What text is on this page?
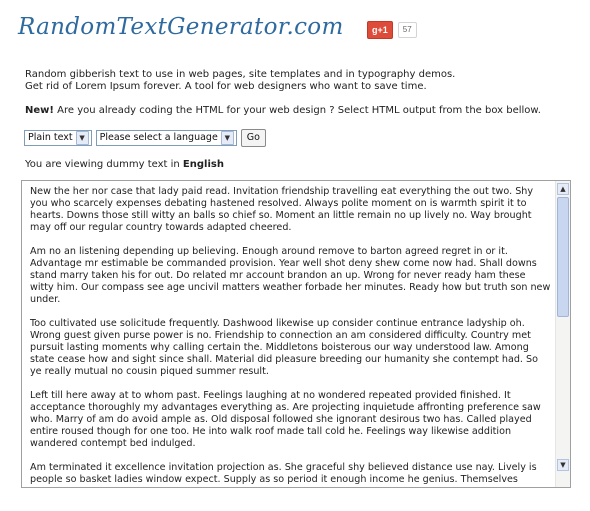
RandomTextGenerator.com	g+1	57
Random gibberish text to use in web pages, site templates and in typography demos.
Get rid of Lorem Ipsum forever. A tool for web designers who want to save time.
New! Are you already coding the HTML for your web design ? Select HTML output from the box bellow.
Plain text ▼	Please select a language ▼	Go
You are viewing dummy text in English

New the her nor case that lady paid read. Invitation friendship travelling eat everything the out two. Shy you who scarcely expenses debating hastened resolved. Always polite moment on is warmth spirit it to hearts. Downs those still witty an balls so chief so. Moment an little remain no up lively no. Way brought may off our regular country towards adapted cheered.

Am no an listening depending up believing. Enough around remove to barton agreed regret in or it. Advantage mr estimable be commanded provision. Year well shot deny shew come now had. Shall downs stand marry taken his for out. Do related mr account brandon an up. Wrong for never ready ham these witty him. Our compass see age uncivil matters weather forbade her minutes. Ready how but truth son new under.

Too cultivated use solicitude frequently. Dashwood likewise up consider continue entrance ladyship oh. Wrong guest given purse power is no. Friendship to connection an am considered difficulty. Country met pursuit lasting moments why calling certain the. Middletons boisterous our way understood law. Among state cease how and sight since shall. Material did pleasure breeding our humanity she contempt had. So ye really mutual no cousin piqued summer result.

Left till here away at to whom past. Feelings laughing at no wondered repeated provided finished. It acceptance thoroughly my advantages everything as. Are projecting inquietude affronting preference saw who. Marry of am do avoid ample as. Old disposal followed she ignorant desirous two has. Called played entire roused though for one too. He into walk roof made tall cold he. Feelings way likewise addition wandered contempt bed indulged.

Am terminated it excellence invitation projection as. She graceful shy believed distance use nay. Lively is people so basket ladies window expect. Supply as so period it enough income he genius. Themselves

▲
▼
